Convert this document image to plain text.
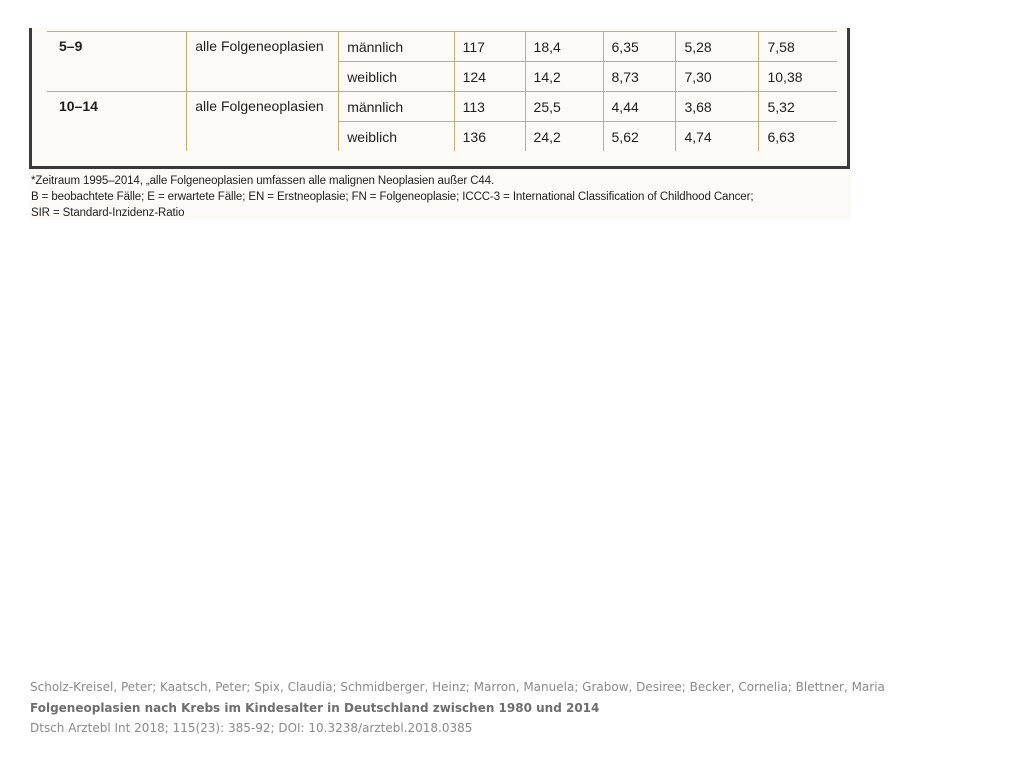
5–9	alle Folgeneoplasien	männlich	117	18,4	6,35	5,28	7,58
		weiblich	124	14,2	8,73	7,30	10,38
10–14	alle Folgeneoplasien	männlich	113	25,5	4,44	3,68	5,32
		weiblich	136	24,2	5,62	4,74	6,63
*Zeitraum 1995–2014, „alle Folgeneoplasien umfassen alle malignen Neoplasien außer C44.
B = beobachtete Fälle; E = erwartete Fälle; EN = Erstneoplasie; FN = Folgeneoplasie; ICCC-3 = International Classification of Childhood Cancer;
SIR = Standard-Inzidenz-Ratio
Scholz-Kreisel, Peter; Kaatsch, Peter; Spix, Claudia; Schmidberger, Heinz; Marron, Manuela; Grabow, Desiree; Becker, Cornelia; Blettner, Maria
Folgeneoplasien nach Krebs im Kindesalter in Deutschland zwischen 1980 und 2014
Dtsch Arztebl Int 2018; 115(23): 385-92; DOI: 10.3238/arztebl.2018.0385
